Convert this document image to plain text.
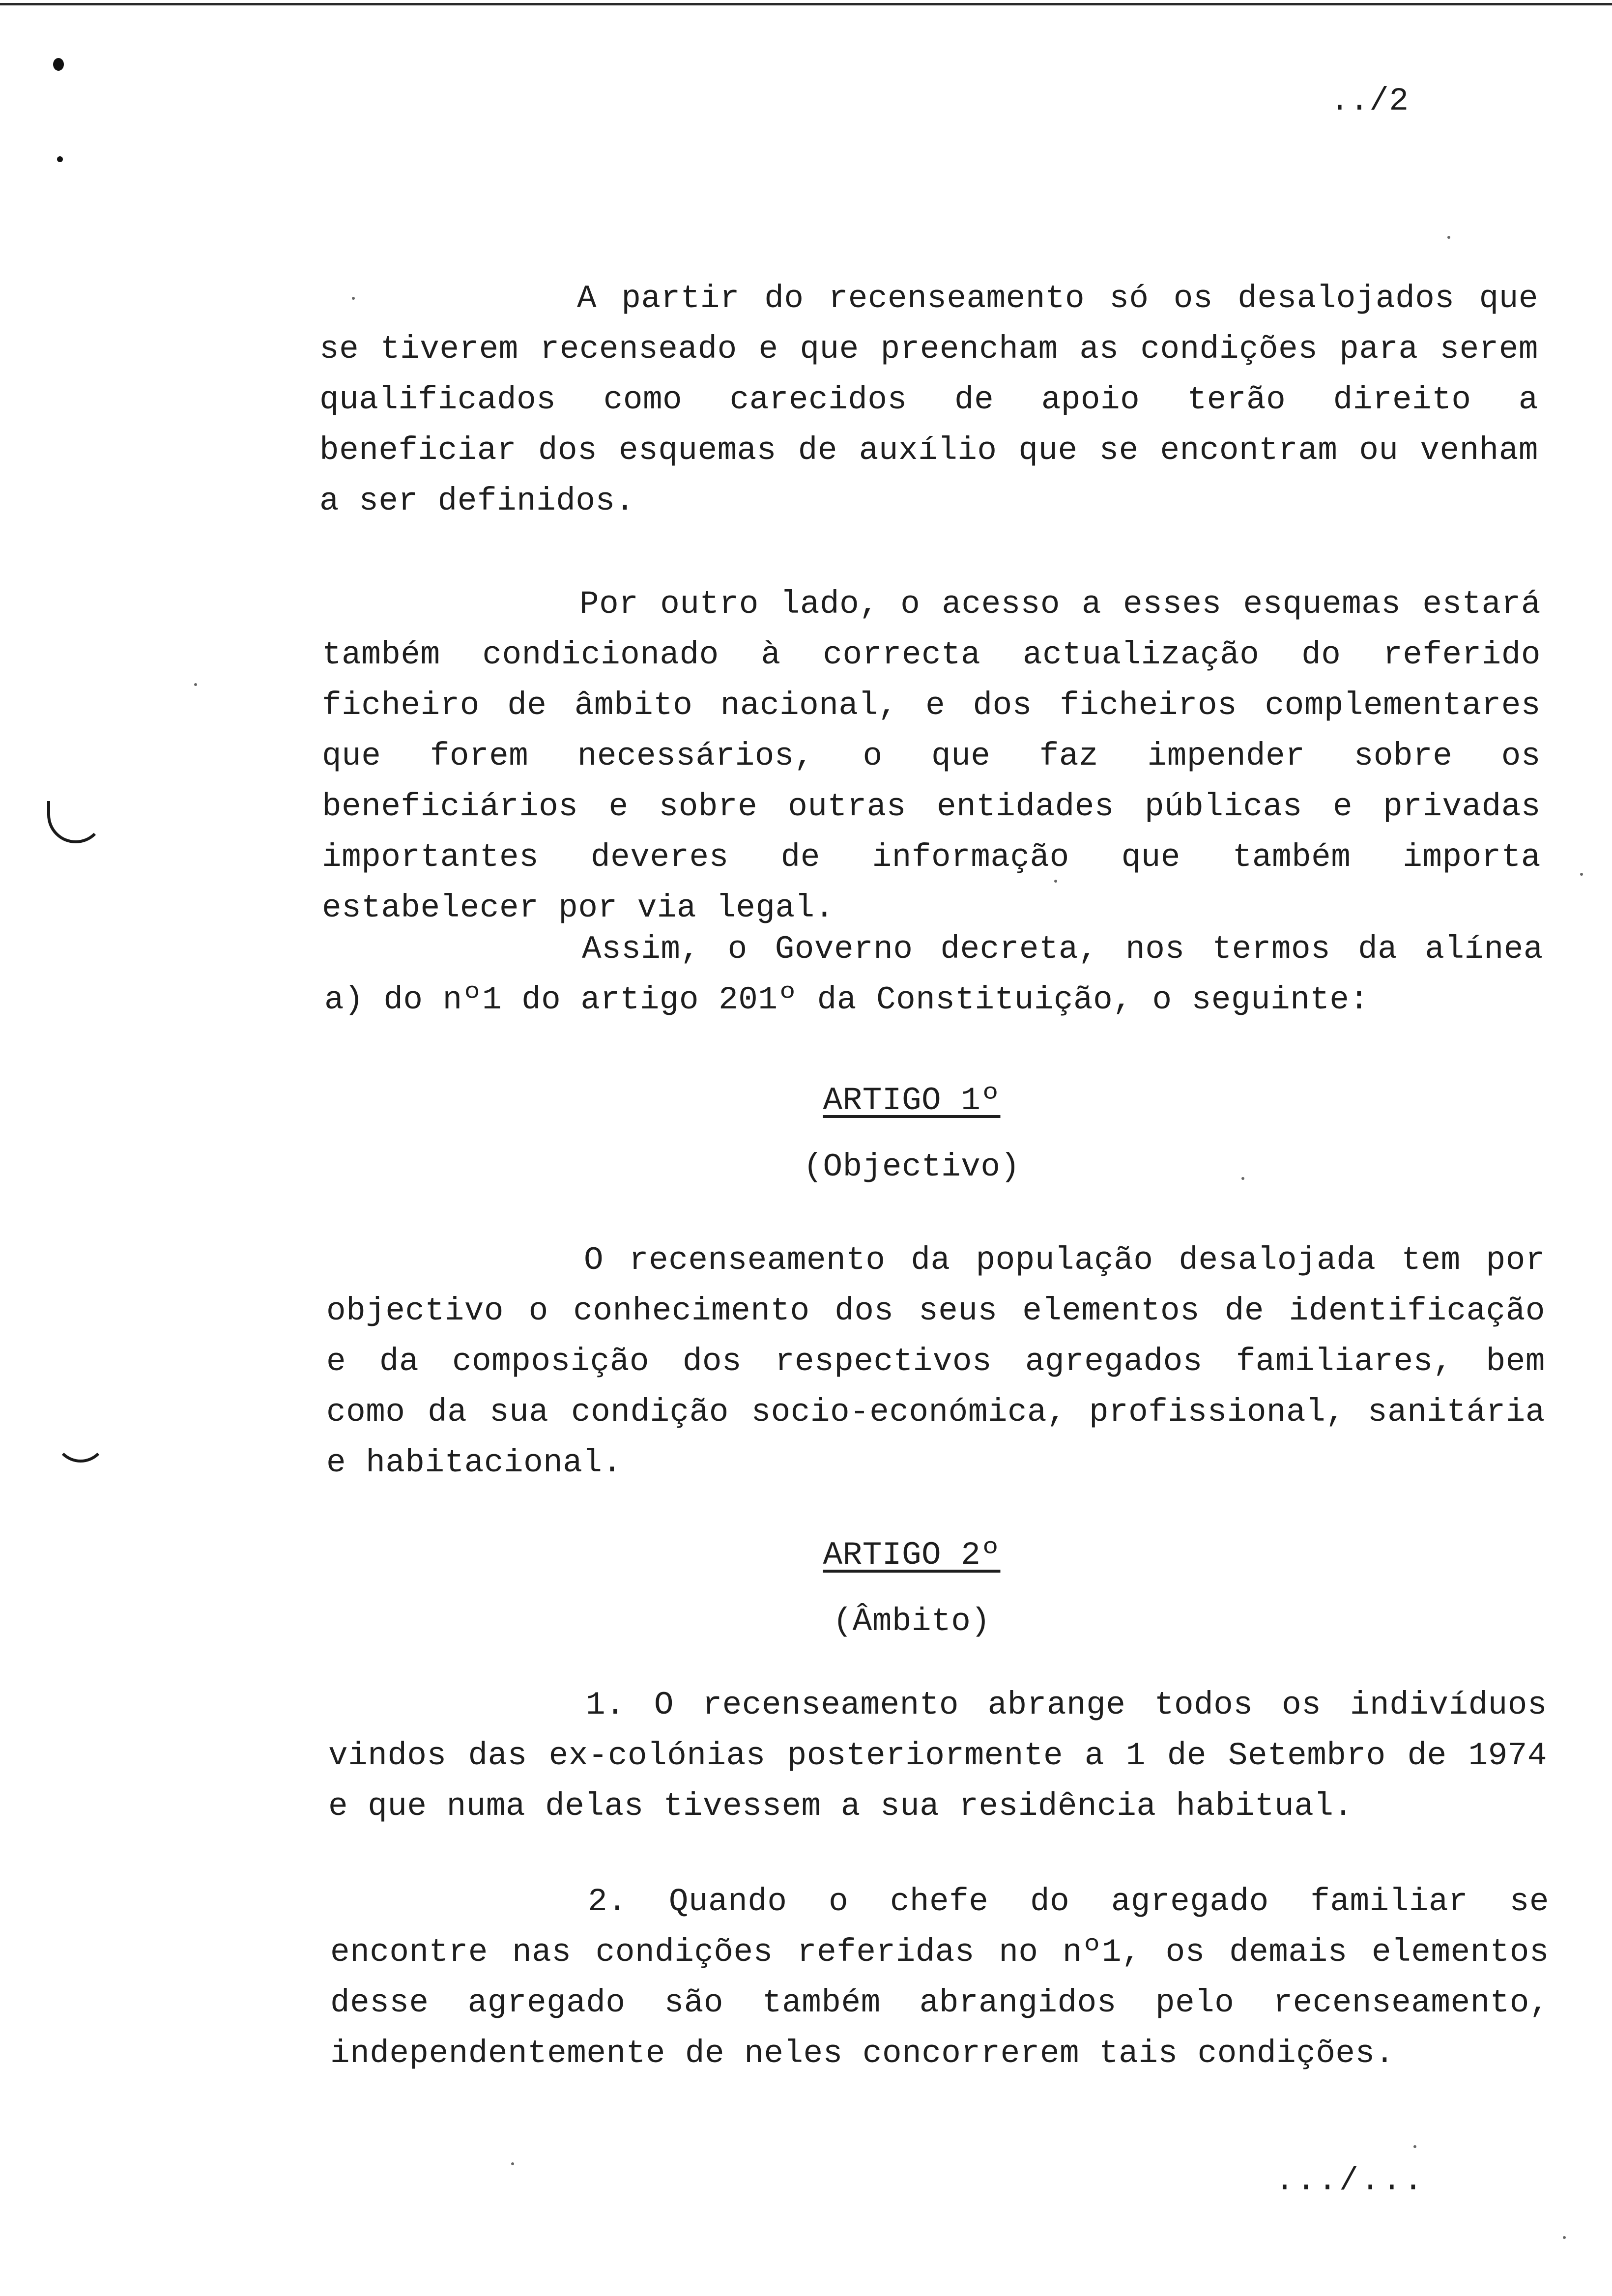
../2

A partir do recenseamento só os desalojados que se tiverem recenseado e que preencham as condições para serem qualificados como carecidos de apoio terão direito a beneficiar dos esquemas de auxílio que se encontram ou venham a ser definidos.

Por outro lado, o acesso a esses esquemas estará também condicionado à correcta actualização do referido ficheiro de âmbito nacional, e dos ficheiros complementares que forem necessários, o que faz impender sobre os beneficiários e sobre outras entidades públicas e privadas importantes deveres de informação que também importa estabelecer por via legal.

Assim, o Governo decreta, nos termos da alínea a) do nº1 do artigo 201º da Constituição, o seguinte:

ARTIGO 1º
(Objectivo)

O recenseamento da população desalojada tem por objectivo o conhecimento dos seus elementos de identificação e da composição dos respectivos agregados familiares, bem como da sua condição socio-económica, profissional, sanitária e habitacional.

ARTIGO 2º
(Âmbito)

1. O recenseamento abrange todos os indivíduos vindos das ex-colónias posteriormente a 1 de Setembro de 1974 e que numa delas tivessem a sua residência habitual.

2. Quando o chefe do agregado familiar se encontre nas condições referidas no nº1, os demais elementos desse agregado são também abrangidos pelo recenseamento, independentemente de neles concorrerem tais condições.

.../...
